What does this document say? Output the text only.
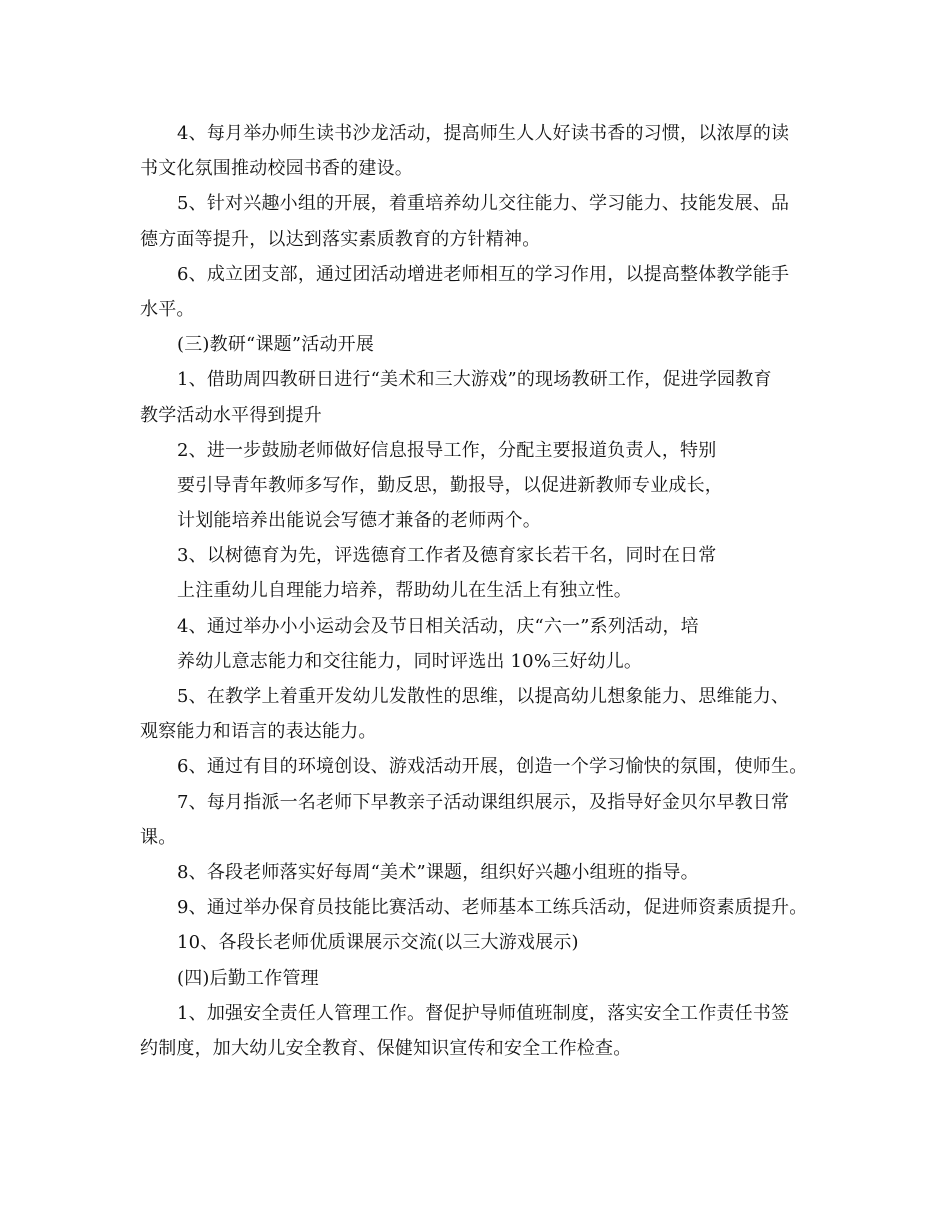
4、每月举办师生读书沙龙活动，提高师生人人好读书香的习惯，以浓厚的读
书文化氛围推动校园书香的建设。
5、针对兴趣小组的开展，着重培养幼儿交往能力、学习能力、技能发展、品
德方面等提升，以达到落实素质教育的方针精神。
6、成立团支部，通过团活动增进老师相互的学习作用，以提高整体教学能手
水平。
(三)教研“课题”活动开展
1、借助周四教研日进行“美术和三大游戏”的现场教研工作，促进学园教育
教学活动水平得到提升
2、进一步鼓励老师做好信息报导工作，分配主要报道负责人，特别
要引导青年教师多写作，勤反思，勤报导，以促进新教师专业成长，
计划能培养出能说会写德才兼备的老师两个。
3、以树德育为先，评选德育工作者及德育家长若干名，同时在日常
上注重幼儿自理能力培养，帮助幼儿在生活上有独立性。
4、通过举办小小运动会及节日相关活动，庆“六一”系列活动，培
养幼儿意志能力和交往能力，同时评选出 10%三好幼儿。
5、在教学上着重开发幼儿发散性的思维，以提高幼儿想象能力、思维能力、
观察能力和语言的表达能力。
6、通过有目的环境创设、游戏活动开展，创造一个学习愉快的氛围，使师生。
7、每月指派一名老师下早教亲子活动课组织展示，及指导好金贝尔早教日常
课。
8、各段老师落实好每周“美术”课题，组织好兴趣小组班的指导。
9、通过举办保育员技能比赛活动、老师基本工练兵活动，促进师资素质提升。
10、各段长老师优质课展示交流(以三大游戏展示)
(四)后勤工作管理
1、加强安全责任人管理工作。督促护导师值班制度，落实安全工作责任书签
约制度，加大幼儿安全教育、保健知识宣传和安全工作检查。
